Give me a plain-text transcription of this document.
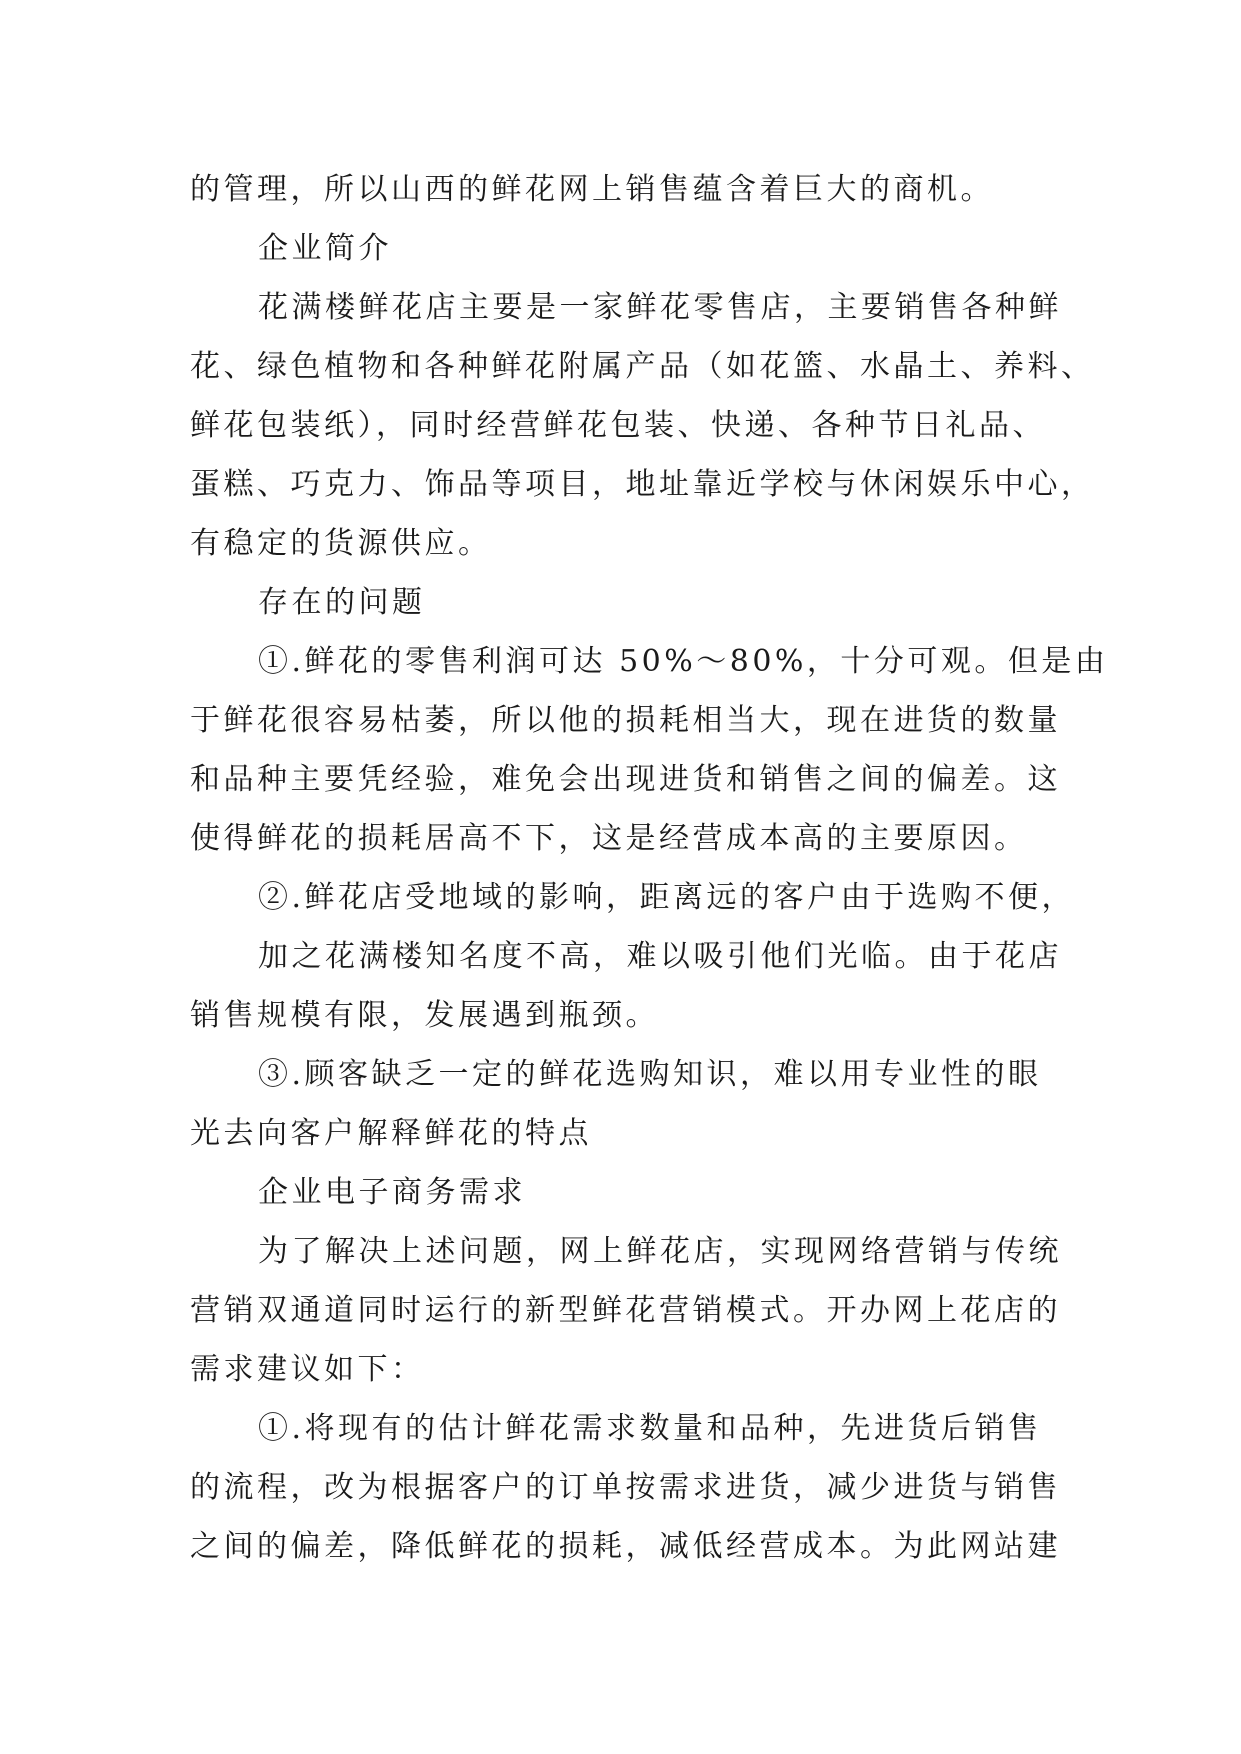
的管理，所以山西的鲜花网上销售蕴含着巨大的商机。
企业简介
花满楼鲜花店主要是一家鲜花零售店，主要销售各种鲜
花、绿色植物和各种鲜花附属产品（如花篮、水晶土、养料、
鲜花包装纸），同时经营鲜花包装、快递、各种节日礼品、
蛋糕、巧克力、饰品等项目，地址靠近学校与休闲娱乐中心，
有稳定的货源供应。
存在的问题
①.鲜花的零售利润可达 50%～80%，十分可观。但是由
于鲜花很容易枯萎，所以他的损耗相当大，现在进货的数量
和品种主要凭经验，难免会出现进货和销售之间的偏差。这
使得鲜花的损耗居高不下，这是经营成本高的主要原因。
②.鲜花店受地域的影响，距离远的客户由于选购不便，
加之花满楼知名度不高，难以吸引他们光临。由于花店
销售规模有限，发展遇到瓶颈。
③.顾客缺乏一定的鲜花选购知识，难以用专业性的眼
光去向客户解释鲜花的特点
企业电子商务需求
为了解决上述问题，网上鲜花店，实现网络营销与传统
营销双通道同时运行的新型鲜花营销模式。开办网上花店的
需求建议如下：
①.将现有的估计鲜花需求数量和品种，先进货后销售
的流程，改为根据客户的订单按需求进货，减少进货与销售
之间的偏差，降低鲜花的损耗，减低经营成本。为此网站建
